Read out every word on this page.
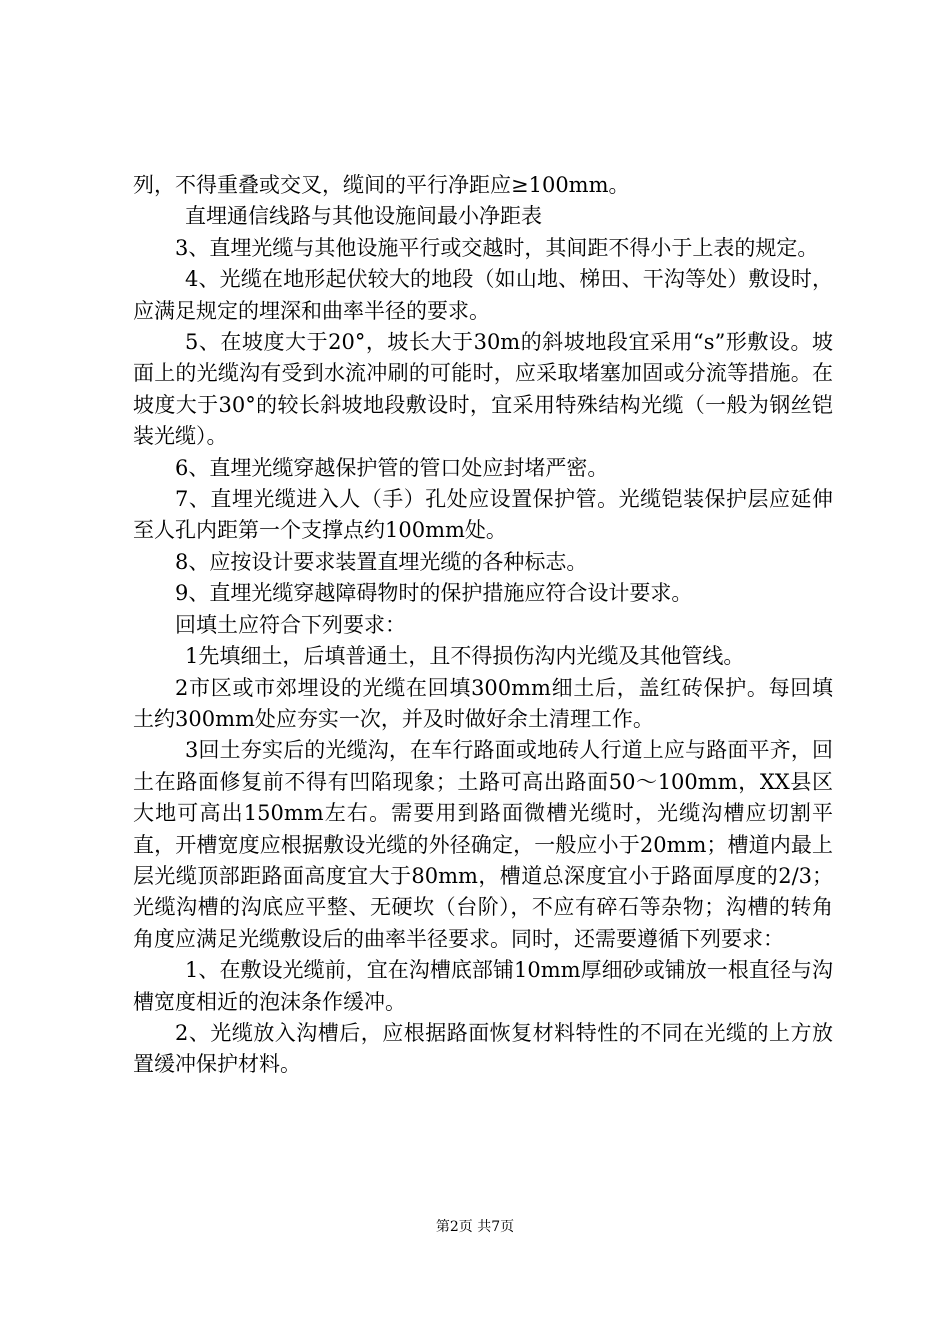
列，不得重叠或交叉，缆间的平行净距应≥100mm。

直埋通信线路与其他设施间最小净距表

3、直埋光缆与其他设施平行或交越时，其间距不得小于上表的规定。

4、光缆在地形起伏较大的地段（如山地、梯田、干沟等处）敷设时，应满足规定的埋深和曲率半径的要求。

5、在坡度大于20°，坡长大于30m的斜坡地段宜采用“s”形敷设。坡面上的光缆沟有受到水流冲刷的可能时，应采取堵塞加固或分流等措施。在坡度大于30°的较长斜坡地段敷设时，宜采用特殊结构光缆（一般为钢丝铠装光缆）。

6、直埋光缆穿越保护管的管口处应封堵严密。

7、直埋光缆进入人（手）孔处应设置保护管。光缆铠装保护层应延伸至人孔内距第一个支撑点约100mm处。

8、应按设计要求装置直埋光缆的各种标志。

9、直埋光缆穿越障碍物时的保护措施应符合设计要求。

回填土应符合下列要求：

1先填细土，后填普通土，且不得损伤沟内光缆及其他管线。

2市区或市郊埋设的光缆在回填300mm细土后，盖红砖保护。每回填土约300mm处应夯实一次，并及时做好余土清理工作。

3回土夯实后的光缆沟，在车行路面或地砖人行道上应与路面平齐，回土在路面修复前不得有凹陷现象；土路可高出路面50～100mm，XX县区大地可高出150mm左右。需要用到路面微槽光缆时，光缆沟槽应切割平直，开槽宽度应根据敷设光缆的外径确定，一般应小于20mm；槽道内最上层光缆顶部距路面高度宜大于80mm，槽道总深度宜小于路面厚度的2/3；光缆沟槽的沟底应平整、无硬坎（台阶），不应有碎石等杂物；沟槽的转角角度应满足光缆敷设后的曲率半径要求。同时，还需要遵循下列要求：

1、在敷设光缆前，宜在沟槽底部铺10mm厚细砂或铺放一根直径与沟槽宽度相近的泡沫条作缓冲。

2、光缆放入沟槽后，应根据路面恢复材料特性的不同在光缆的上方放置缓冲保护材料。

第2页 共7页
